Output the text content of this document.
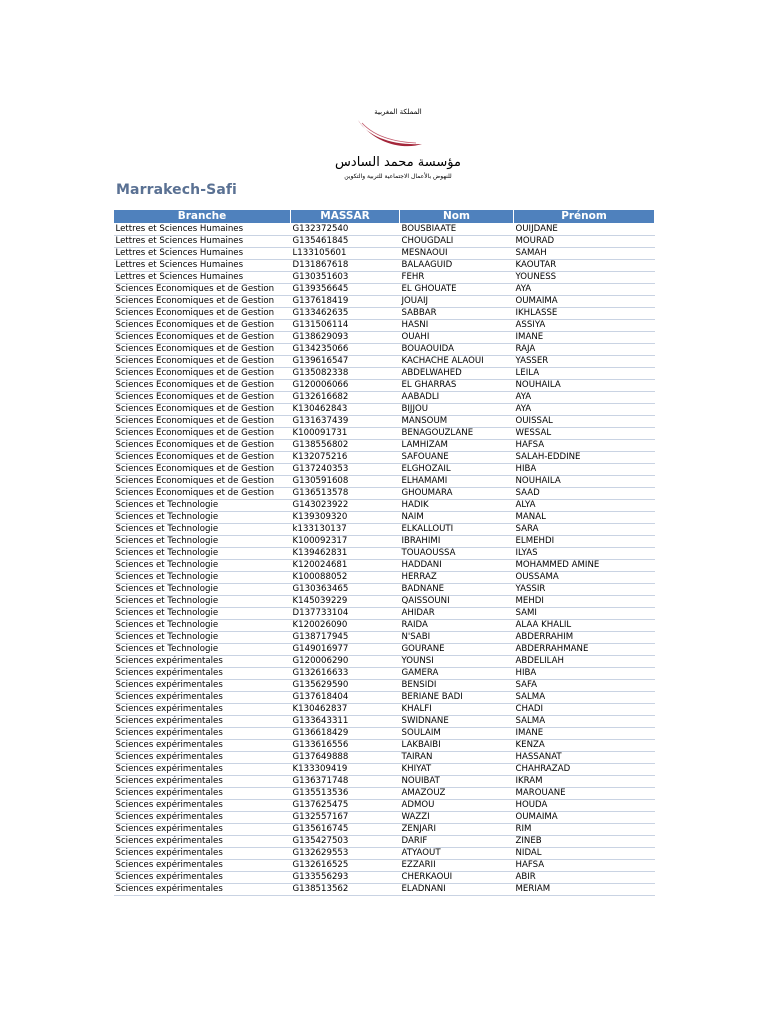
المملكة المغربية
مؤسسة محمد السادس
للنهوض بالأعمال الاجتماعية للتربية والتكوين
Marrakech-Safi
Branche	MASSAR	Nom	Prénom
Lettres et Sciences Humaines	G132372540	BOUSBIAATE	OUIJDANE
Lettres et Sciences Humaines	G135461845	CHOUGDALI	MOURAD
Lettres et Sciences Humaines	L133105601	MESNAOUI	SAMAH
Lettres et Sciences Humaines	D131867618	BALAAGUID	KAOUTAR
Lettres et Sciences Humaines	G130351603	FEHR	YOUNESS
Sciences Economiques et de Gestion	G139356645	EL GHOUATE	AYA
Sciences Economiques et de Gestion	G137618419	JOUAIJ	OUMAIMA
Sciences Economiques et de Gestion	G133462635	SABBAR	IKHLASSE
Sciences Economiques et de Gestion	G131506114	HASNI	ASSIYA
Sciences Economiques et de Gestion	G138629093	OUAHI	IMANE
Sciences Economiques et de Gestion	G134235066	BOUAOUIDA	RAJA
Sciences Economiques et de Gestion	G139616547	KACHACHE ALAOUI	YASSER
Sciences Economiques et de Gestion	G135082338	ABDELWAHED	LEILA
Sciences Economiques et de Gestion	G120006066	EL GHARRAS	NOUHAILA
Sciences Economiques et de Gestion	G132616682	AABADLI	AYA
Sciences Economiques et de Gestion	K130462843	BIJJOU	AYA
Sciences Economiques et de Gestion	G131637439	MANSOUM	OUISSAL
Sciences Economiques et de Gestion	K100091731	BENAGOUZLANE	WESSAL
Sciences Economiques et de Gestion	G138556802	LAMHIZAM	HAFSA
Sciences Economiques et de Gestion	K132075216	SAFOUANE	SALAH-EDDINE
Sciences Economiques et de Gestion	G137240353	ELGHOZAIL	HIBA
Sciences Economiques et de Gestion	G130591608	ELHAMAMI	NOUHAILA
Sciences Economiques et de Gestion	G136513578	GHOUMARA	SAAD
Sciences et Technologie	G143023922	HADIK	ALYA
Sciences et Technologie	K139309320	NAIM	MANAL
Sciences et Technologie	k133130137	ELKALLOUTI	SARA
Sciences et Technologie	K100092317	IBRAHIMI	ELMEHDI
Sciences et Technologie	K139462831	TOUAOUSSA	ILYAS
Sciences et Technologie	K120024681	HADDANI	MOHAMMED AMINE
Sciences et Technologie	K100088052	HERRAZ	OUSSAMA
Sciences et Technologie	G130363465	BADNANE	YASSIR
Sciences et Technologie	K145039229	QAISSOUNI	MEHDI
Sciences et Technologie	D137733104	AHIDAR	SAMI
Sciences et Technologie	K120026090	RAIDA	ALAA KHALIL
Sciences et Technologie	G138717945	N'SABI	ABDERRAHIM
Sciences et Technologie	G149016977	GOURANE	ABDERRAHMANE
Sciences expérimentales	G120006290	YOUNSI	ABDELILAH
Sciences expérimentales	G132616633	GAMERA	HIBA
Sciences expérimentales	G135629590	BENSIDI	SAFA
Sciences expérimentales	G137618404	BERIANE BADI	SALMA
Sciences expérimentales	K130462837	KHALFI	CHADI
Sciences expérimentales	G133643311	SWIDNANE	SALMA
Sciences expérimentales	G136618429	SOULAIM	IMANE
Sciences expérimentales	G133616556	LAKBAIBI	KENZA
Sciences expérimentales	G137649888	TAIRAN	HASSANAT
Sciences expérimentales	K133309419	KHIYAT	CHAHRAZAD
Sciences expérimentales	G136371748	NOUIBAT	IKRAM
Sciences expérimentales	G135513536	AMAZOUZ	MAROUANE
Sciences expérimentales	G137625475	ADMOU	HOUDA
Sciences expérimentales	G132557167	WAZZI	OUMAIMA
Sciences expérimentales	G135616745	ZENJARI	RIM
Sciences expérimentales	G135427503	DARIF	ZINEB
Sciences expérimentales	G132629553	ATYAOUT	NIDAL
Sciences expérimentales	G132616525	EZZARII	HAFSA
Sciences expérimentales	G133556293	CHERKAOUI	ABIR
Sciences expérimentales	G138513562	ELADNANI	MERIAM
